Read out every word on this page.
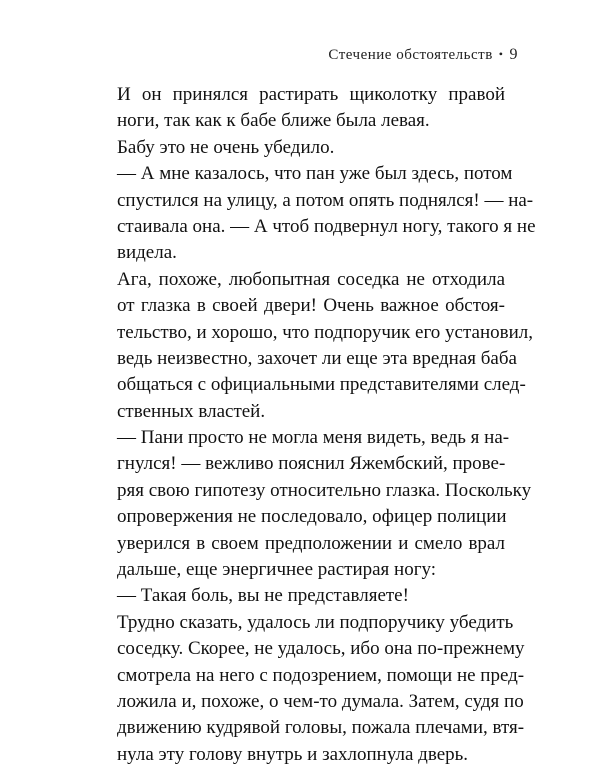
Стечение обстоятельств • 9
И он принялся растирать щиколотку правой
ноги, так как к бабе ближе была левая.
Бабу это не очень убедило.
— А мне казалось, что пан уже был здесь, потом
спустился на улицу, а потом опять поднялся! — на-
стаивала она. — А чтоб подвернул ногу, такого я не
видела.
Ага, похоже, любопытная соседка не отходила
от глазка в своей двери! Очень важное обстоя-
тельство, и хорошо, что подпоручик его установил,
ведь неизвестно, захочет ли еще эта вредная баба
общаться с официальными представителями след-
ственных властей.
— Пани просто не могла меня видеть, ведь я на-
гнулся! — вежливо пояснил Яжембский, прове-
ряя свою гипотезу относительно глазка. Поскольку
опровержения не последовало, офицер полиции
уверился в своем предположении и смело врал
дальше, еще энергичнее растирая ногу:
— Такая боль, вы не представляете!
Трудно сказать, удалось ли подпоручику убедить
соседку. Скорее, не удалось, ибо она по-прежнему
смотрела на него с подозрением, помощи не пред-
ложила и, похоже, о чем-то думала. Затем, судя по
движению кудрявой головы, пожала плечами, втя-
нула эту голову внутрь и захлопнула дверь.
